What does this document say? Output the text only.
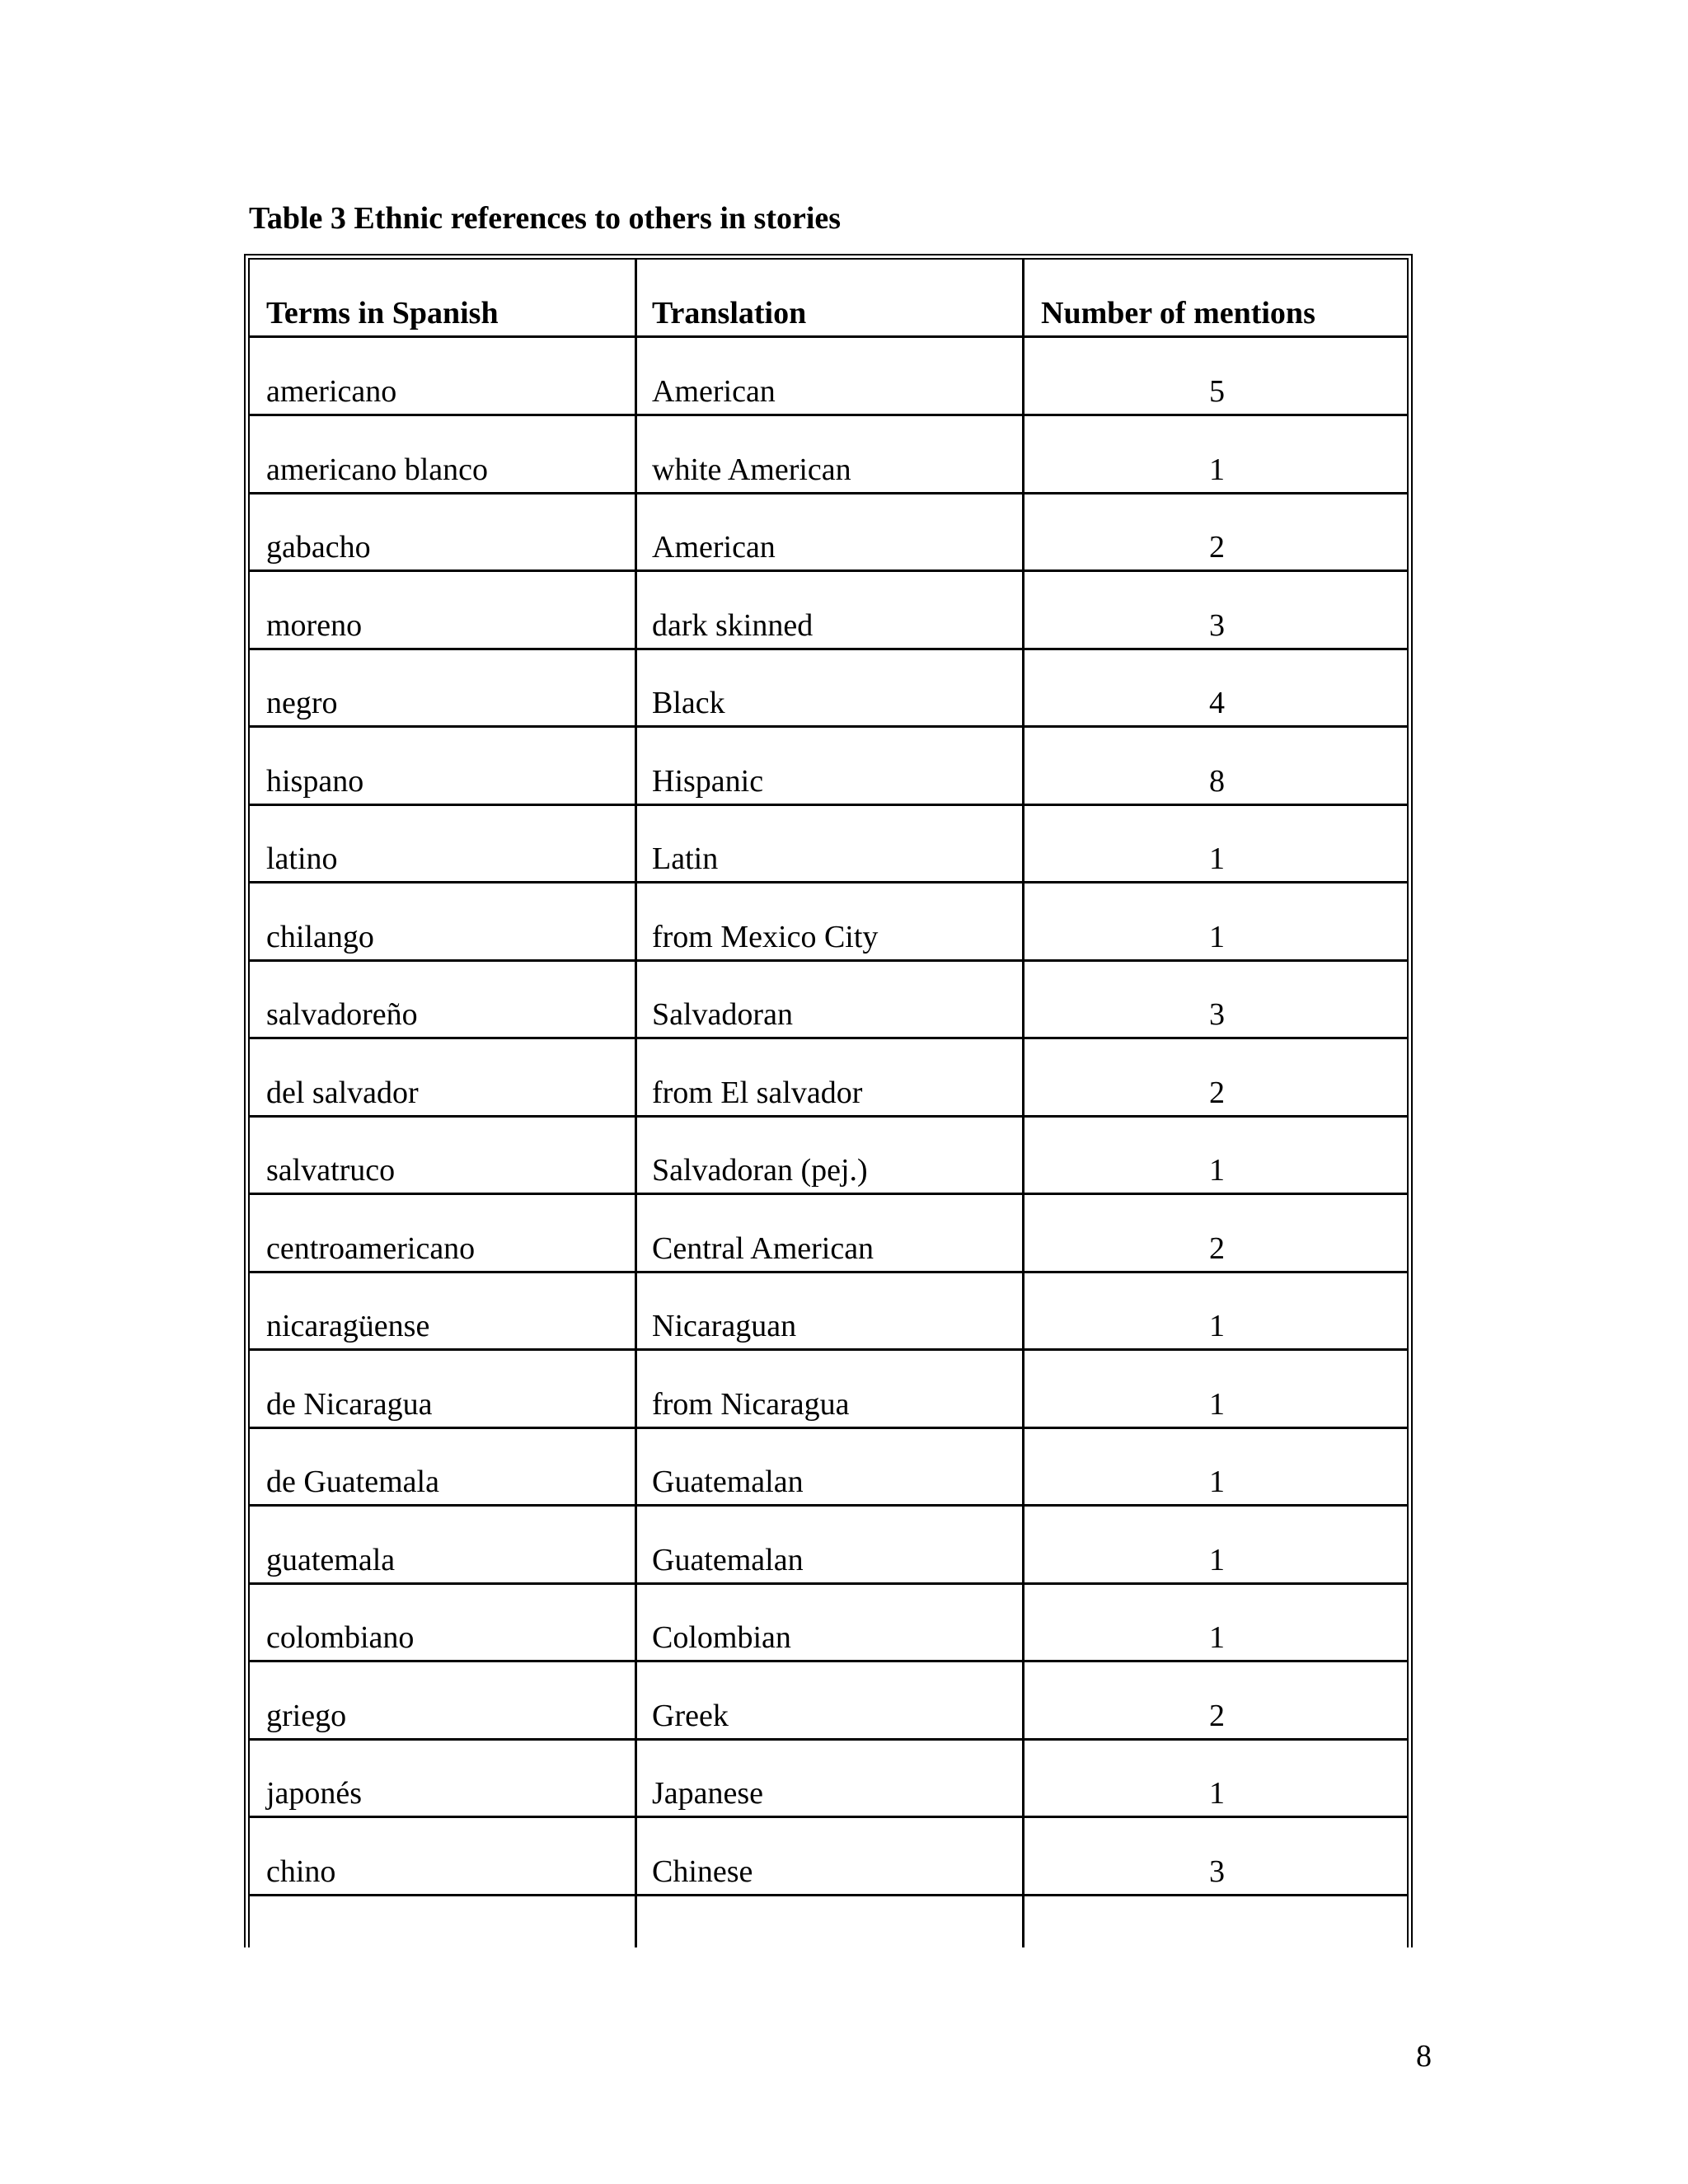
Table 3 Ethnic references to others in stories
Terms in Spanish	Translation	Number of mentions
americano	American	5
americano blanco	white American	1
gabacho	American	2
moreno	dark skinned	3
negro	Black	4
hispano	Hispanic	8
latino	Latin	1
chilango	from Mexico City	1
salvadoreño	Salvadoran	3
del salvador	from El salvador	2
salvatruco	Salvadoran (pej.)	1
centroamericano	Central American	2
nicaragüense	Nicaraguan	1
de Nicaragua	from Nicaragua	1
de Guatemala	Guatemalan	1
guatemala	Guatemalan	1
colombiano	Colombian	1
griego	Greek	2
japonés	Japanese	1
chino	Chinese	3
8
